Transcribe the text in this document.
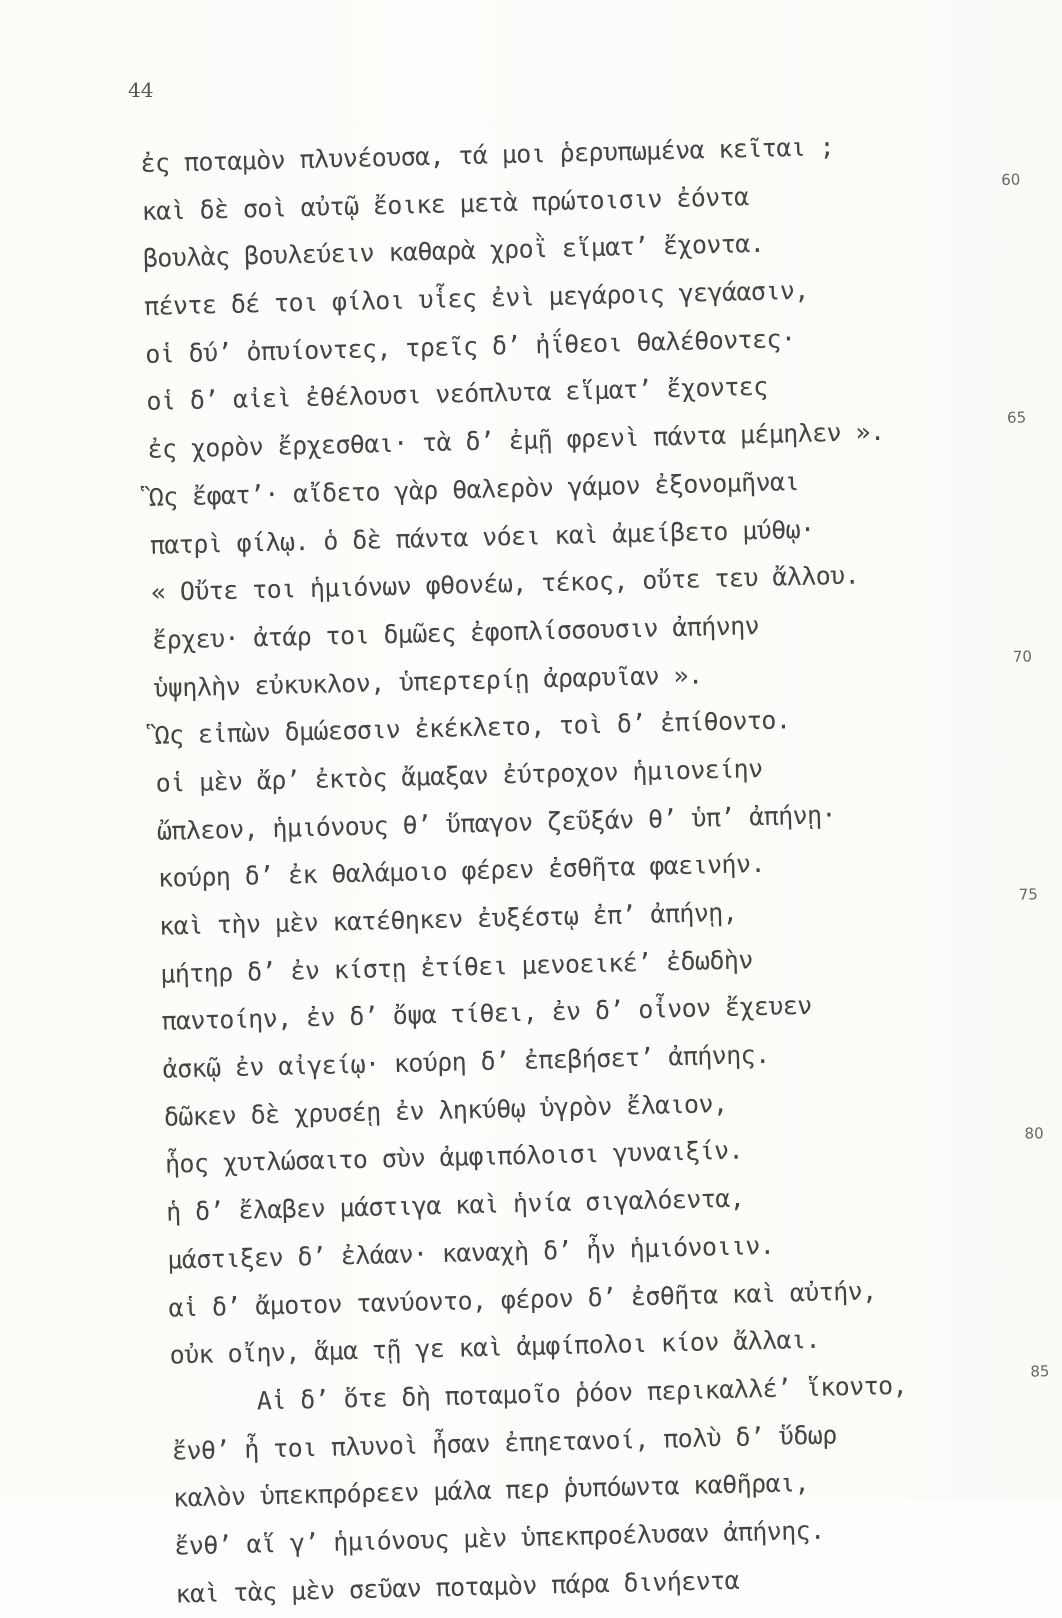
44
60
65
70
75
80
85
ἐς ποταμὸν πλυνέουσα, τά μοι ῥερυπωμένα κεῖται ;
καὶ δὲ σοὶ αὐτῷ ἔοικε μετὰ πρώτοισιν ἐόντα
βουλὰς βουλεύειν καθαρὰ χροῒ εἵματ’ ἔχοντα.
πέντε δέ τοι φίλοι υἷες ἐνὶ μεγάροις γεγάασιν,
οἱ δύ’ ὀπυίοντες, τρεῖς δ’ ἠΐθεοι θαλέθοντες·
οἱ δ’ αἰεὶ ἐθέλουσι νεόπλυτα εἵματ’ ἔχοντες
ἐς χορὸν ἔρχεσθαι· τὰ δ’ ἐμῇ φρενὶ πάντα μέμηλεν ».
Ὣς ἔφατ’· αἴδετο γὰρ θαλερὸν γάμον ἐξονομῆναι
πατρὶ φίλῳ. ὁ δὲ πάντα νόει καὶ ἀμείβετο μύθῳ·
« Οὔτε τοι ἡμιόνων φθονέω, τέκος, οὔτε τευ ἄλλου.
ἔρχευ· ἀτάρ τοι δμῶες ἐφοπλίσσουσιν ἀπήνην
ὑψηλὴν εὐκυκλον, ὑπερτερίῃ ἀραρυῖαν ».
Ὣς εἰπὼν δμώεσσιν ἐκέκλετο, τοὶ δ’ ἐπίθοντο.
οἱ μὲν ἄρ’ ἐκτὸς ἄμαξαν ἐύτροχον ἡμιονείην
ὤπλεον, ἡμιόνους θ’ ὕπαγον ζεῦξάν θ’ ὑπ’ ἀπήνῃ·
κούρη δ’ ἐκ θαλάμοιο φέρεν ἐσθῆτα φαεινήν.
καὶ τὴν μὲν κατέθηκεν ἐυξέστῳ ἐπ’ ἀπήνῃ,
μήτηρ δ’ ἐν κίστῃ ἐτίθει μενοεικέ’ ἐδωδὴν
παντοίην, ἐν δ’ ὄψα τίθει, ἐν δ’ οἶνον ἔχευεν
ἀσκῷ ἐν αἰγείῳ· κούρη δ’ ἐπεβήσετ’ ἀπήνης.
δῶκεν δὲ χρυσέῃ ἐν ληκύθῳ ὑγρὸν ἔλαιον,
ἧος χυτλώσαιτο σὺν ἀμφιπόλοισι γυναιξίν.
ἡ δ’ ἔλαβεν μάστιγα καὶ ἡνία σιγαλόεντα,
μάστιξεν δ’ ἐλάαν· καναχὴ δ’ ἦν ἡμιόνοιιν.
αἱ δ’ ἄμοτον τανύοντο, φέρον δ’ ἐσθῆτα καὶ αὐτήν,
οὐκ οἴην, ἅμα τῇ γε καὶ ἀμφίπολοι κίον ἄλλαι.
Αἱ δ’ ὅτε δὴ ποταμοῖο ῥόον περικαλλέ’ ἵκοντο,
ἔνθ’ ἦ τοι πλυνοὶ ἦσαν ἐπηετανοί, πολὺ δ’ ὕδωρ
καλὸν ὑπεκπρόρεεν μάλα περ ῥυπόωντα καθῆραι,
ἔνθ’ αἵ γ’ ἡμιόνους μὲν ὑπεκπροέλυσαν ἀπήνης.
καὶ τὰς μὲν σεῦαν ποταμὸν πάρα δινήεντα
